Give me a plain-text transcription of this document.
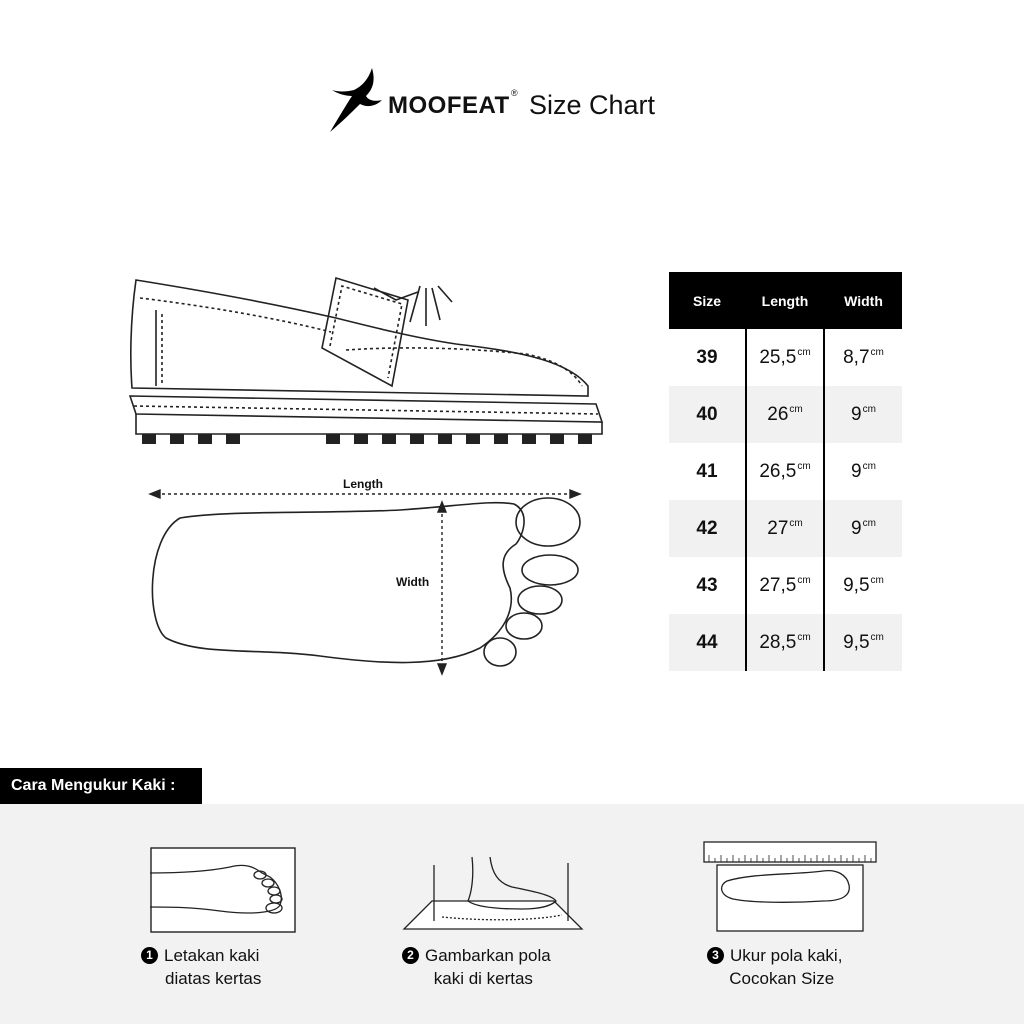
MOOFEAT ® Size Chart
Length
Width
Size	Length	Width
39	$25,5^{cm}$	$8,7^{cm}$
40	$26^{cm}$	$9^{cm}$
41	$26,5^{cm}$	$9^{cm}$
42	$27^{cm}$	$9^{cm}$
43	$27,5^{cm}$	$9,5^{cm}$
44	$28,5^{cm}$	$9,5^{cm}$
Cara Mengukur Kaki :
1 Letakan kaki
diatas kertas
2 Gambarkan pola
kaki di kertas
3 Ukur pola kaki,
Cocokan Size
